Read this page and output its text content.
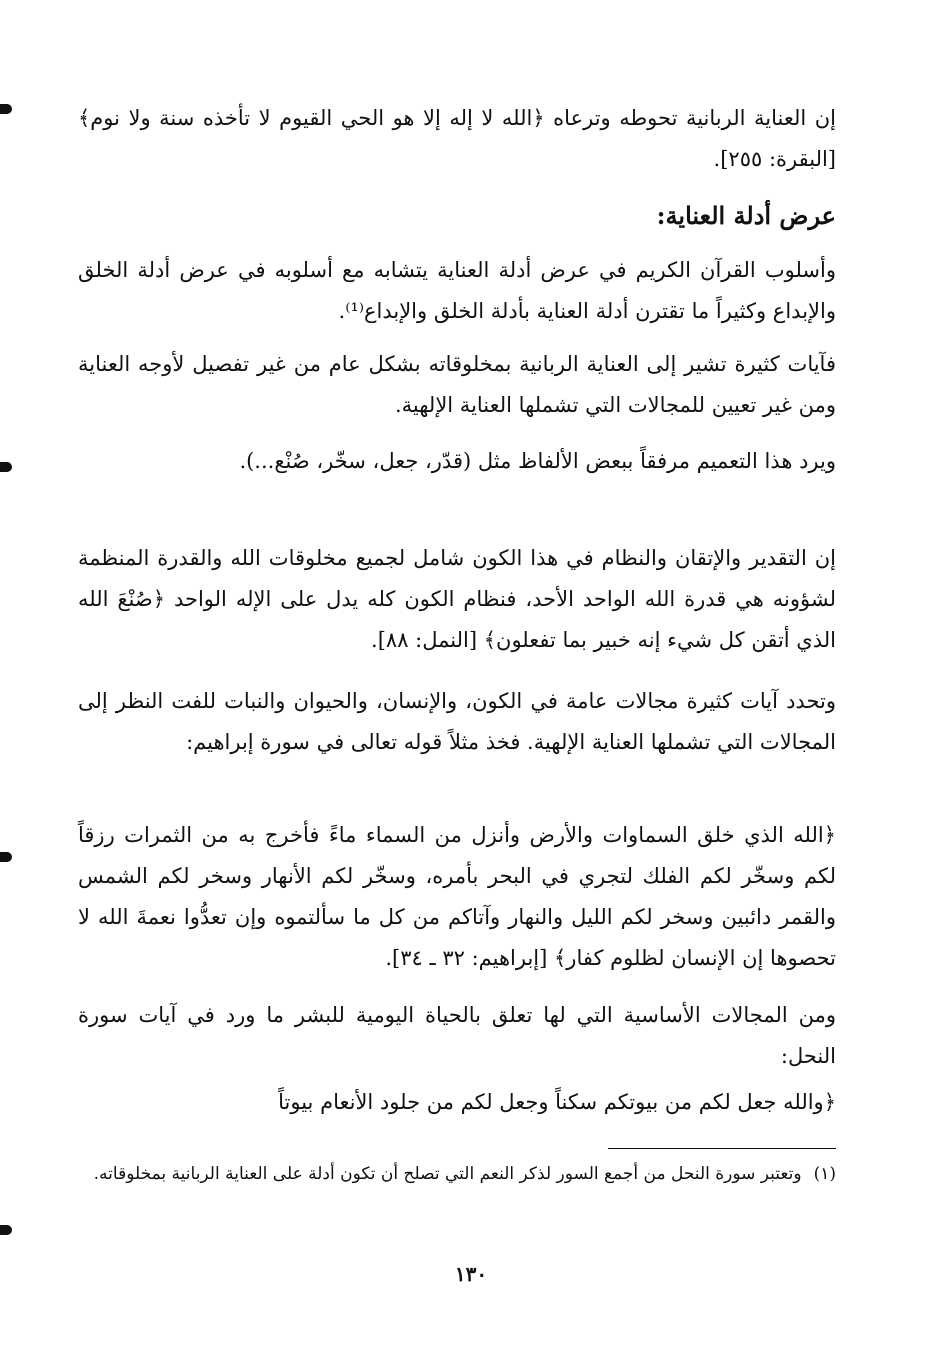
إن العناية الربانية تحوطه وترعاه ﴿الله لا إله إلا هو الحي القيوم لا تأخذه سنة ولا نوم﴾ [البقرة: ٢٥٥].

عرض أدلة العناية:

وأسلوب القرآن الكريم في عرض أدلة العناية يتشابه مع أسلوبه في عرض أدلة الخلق والإبداع وكثيراً ما تقترن أدلة العناية بأدلة الخلق والإبداع⁽¹⁾.

فآيات كثيرة تشير إلى العناية الربانية بمخلوقاته بشكل عام من غير تفصيل لأوجه العناية ومن غير تعيين للمجالات التي تشملها العناية الإلهية.

ويرد هذا التعميم مرفقاً ببعض الألفاظ مثل (قدّر، جعل، سخّر، صُنْع...).

إن التقدير والإتقان والنظام في هذا الكون شامل لجميع مخلوقات الله والقدرة المنظمة لشؤونه هي قدرة الله الواحد الأحد، فنظام الكون كله يدل على الإله الواحد ﴿صُنْعَ الله الذي أتقن كل شيء إنه خبير بما تفعلون﴾ [النمل: ٨٨].

وتحدد آيات كثيرة مجالات عامة في الكون، والإنسان، والحيوان والنبات للفت النظر إلى المجالات التي تشملها العناية الإلهية. فخذ مثلاً قوله تعالى في سورة إبراهيم:

﴿الله الذي خلق السماوات والأرض وأنزل من السماء ماءً فأخرج به من الثمرات رزقاً لكم وسخّر لكم الفلك لتجري في البحر بأمره، وسخّر لكم الأنهار وسخر لكم الشمس والقمر دائبين وسخر لكم الليل والنهار وآتاكم من كل ما سألتموه وإن تعدُّوا نعمةَ الله لا تحصوها إن الإنسان لظلوم كفار﴾ [إبراهيم: ٣٢ ـ ٣٤].

ومن المجالات الأساسية التي لها تعلق بالحياة اليومية للبشر ما ورد في آيات سورة النحل:

﴿والله جعل لكم من بيوتكم سكناً وجعل لكم من جلود الأنعام بيوتاً

(١)وتعتبر سورة النحل من أجمع السور لذكر النعم التي تصلح أن تكون أدلة على العناية الربانية بمخلوقاته.

١٣٠
